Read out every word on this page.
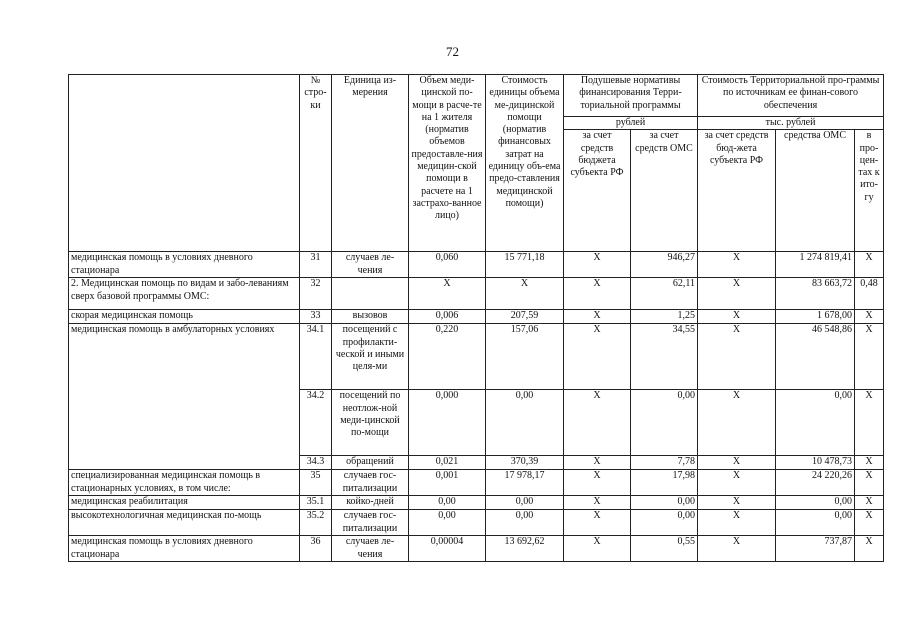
72
	№ стро-ки	Единица из-мерения	Объем меди-цинской по-мощи в расче-те на 1 жителя (норматив объемов предоставле-ния медицин-ской помощи в расчете на 1 застрахо-ванное лицо)	Стоимость единицы объема ме-дицинской помощи (норматив финансовых затрат на единицу объ-ема предо-ставления медицинской помощи)	Подушевые нормативы финансирования Терри-ториальной программы		Стоимость Территориальной про-граммы по источникам ее финан-сового обеспечения		
					рублей		тыс. рублей		
					за счет средств бюджета субъекта РФ	за счет средств ОМС	за счет средств бюд-жета субъекта РФ	средства ОМС	в про-цен-тах к ито-гу
медицинская помощь в условиях дневного стационара	31	случаев ле-чения	0,060	15 771,18	X	946,27	X	1 274 819,41	X
2. Медицинская помощь по видам и забо-леваниям сверх базовой программы ОМС:	32		X	X	X	62,11	X	83 663,72	0,48
скорая медицинская помощь	33	вызовов	0,006	207,59	X	1,25	X	1 678,00	X
медицинская помощь в амбулаторных условиях	34.1	посещений с профилакти-ческой и иными целя-ми	0,220	157,06	X	34,55	X	46 548,86	X
	34.2	посещений по неотлож-ной меди-цинской по-мощи	0,000	0,00	X	0,00	X	0,00	X
	34.3	обращений	0,021	370,39	X	7,78	X	10 478,73	X
специализированная медицинская помощь в стационарных условиях, в том числе:	35	случаев гос-питализации	0,001	17 978,17	X	17,98	X	24 220,26	X
медицинская реабилитация	35.1	койко-дней	0,00	0,00	X	0,00	X	0,00	X
высокотехнологичная медицинская по-мощь	35.2	случаев гос-питализации	0,00	0,00	X	0,00	X	0,00	X
медицинская помощь в условиях дневного стационара	36	случаев ле-чения	0,00004	13 692,62	X	0,55	X	737,87	X
